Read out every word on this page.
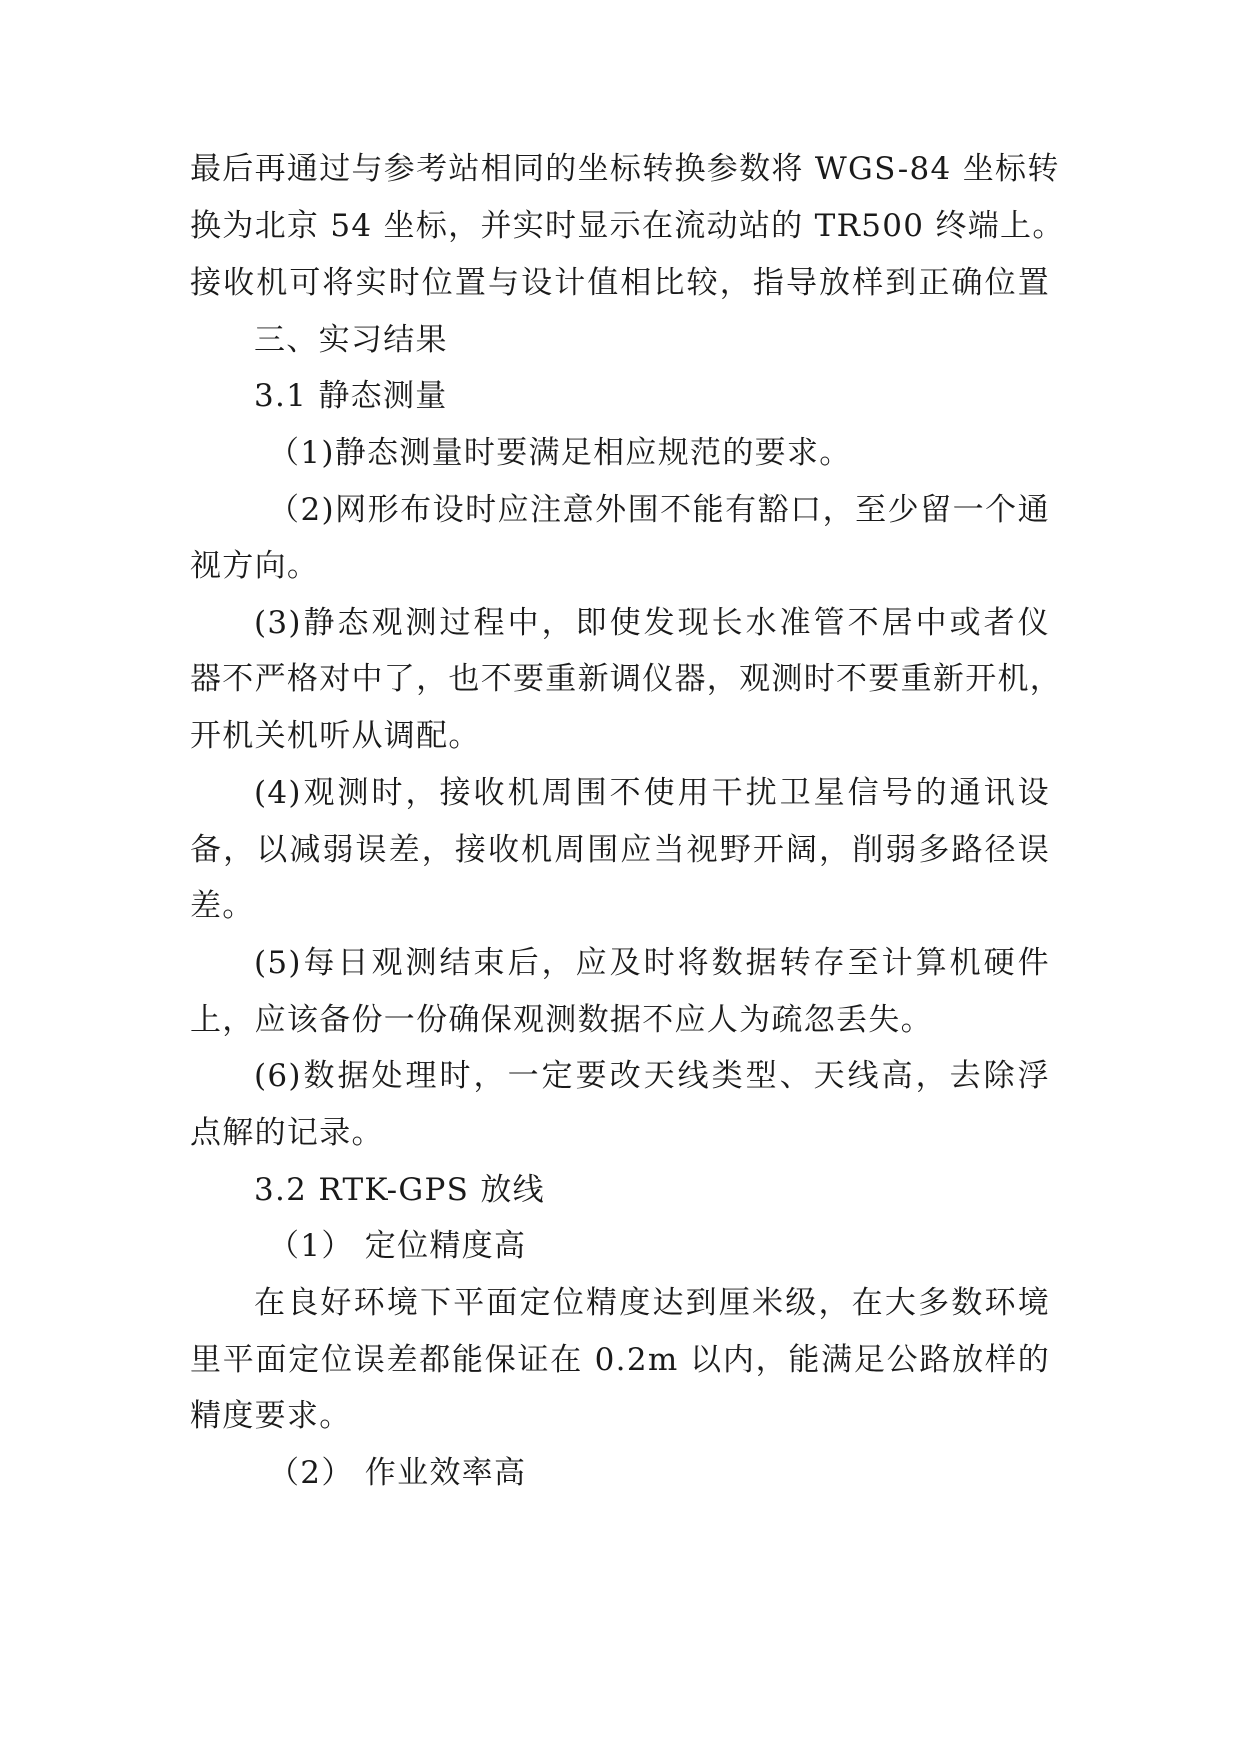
最后再通过与参考站相同的坐标转换参数将 WGS-84 坐标转
换为北京 54 坐标，并实时显示在流动站的 TR500 终端上。
接收机可将实时位置与设计值相比较，指导放样到正确位置
三、实习结果
3.1 静态测量
（1)静态测量时要满足相应规范的要求。
（2)网形布设时应注意外围不能有豁口，至少留一个通
视方向。
(3)静态观测过程中，即使发现长水准管不居中或者仪
器不严格对中了，也不要重新调仪器，观测时不要重新开机，
开机关机听从调配。
(4)观测时，接收机周围不使用干扰卫星信号的通讯设
备，以减弱误差，接收机周围应当视野开阔，削弱多路径误
差。
(5)每日观测结束后，应及时将数据转存至计算机硬件
上，应该备份一份确保观测数据不应人为疏忽丢失。
(6)数据处理时，一定要改天线类型、天线高，去除浮
点解的记录。
3.2 RTK-GPS 放线
（1） 定位精度高
在良好环境下平面定位精度达到厘米级，在大多数环境
里平面定位误差都能保证在 0.2m 以内，能满足公路放样的
精度要求。
（2） 作业效率高
